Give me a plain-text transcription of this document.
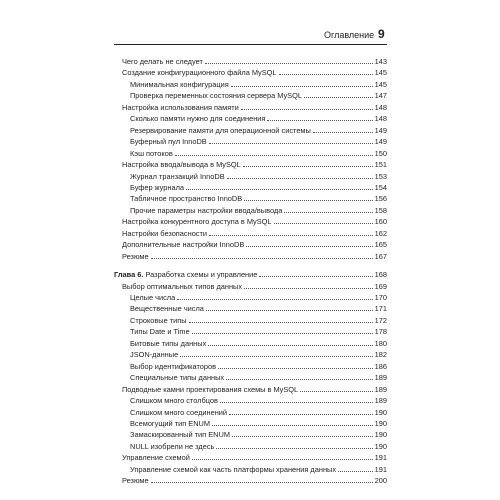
Оглавление 9
Чего делать не следует	143
Создание конфигурационного файла MySQL	145
Минимальная конфигурация	145
Проверка переменных состояния сервера MySQL	147
Настройка использования памяти	148
Сколько памяти нужно для соединения	148
Резервирование памяти для операционной системы	149
Буферный пул InnoDB	149
Кэш потоков	150
Настройка ввода/вывода в MySQL	151
Журнал транзакций InnoDB	153
Буфер журнала	154
Табличное пространство InnoDB	156
Прочие параметры настройки ввода/вывода	158
Настройка конкурентного доступа в MySQL	160
Настройки безопасности	162
Дополнительные настройки InnoDB	165
Резюме	167
Глава 6. Разработка схемы и управление	168
Выбор оптимальных типов данных	169
Целые числа	170
Вещественные числа	171
Строковые типы	172
Типы Date и Time	178
Битовые типы данных	180
JSON-данные	182
Выбор идентификаторов	186
Специальные типы данных	189
Подводные камни проектирования схемы в MySQL	189
Слишком много столбцов	189
Слишком много соединений	190
Всемогущий тип ENUM	190
Замаскированный тип ENUM	190
NULL изобрели не здесь	190
Управление схемой	191
Управление схемой как часть платформы хранения данных	191
Резюме	200
